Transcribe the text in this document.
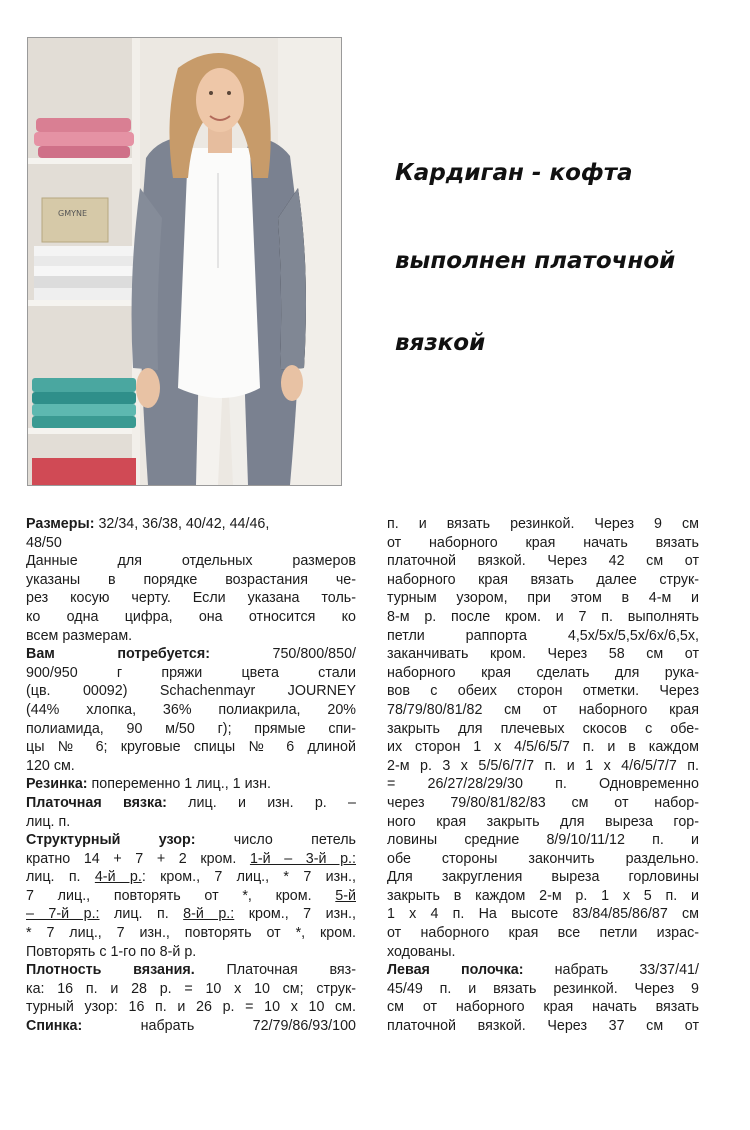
GMYNE
Кардиган - кофта
выполнен платочной
вязкой
Размеры: 32/34, 36/38, 40/42, 44/46,
48/50
Данные для отдельных размеров
указаны в порядке возрастания че-
рез косую черту. Если указана толь-
ко одна цифра, она относится ко
всем размерам.
Вам потребуется: 750/800/850/
900/950 г пряжи цвета стали
(цв. 00092) Schachenmayr JOURNEY
(44% хлопка, 36% полиакрила, 20%
полиамида, 90 м/50 г); прямые спи-
цы № 6; круговые спицы № 6 длиной
120 см.
Резинка: попеременно 1 лиц., 1 изн.
Платочная вязка: лиц. и изн. р. –
лиц. п.
Структурный узор: число петель
кратно 14 + 7 + 2 кром. 1-й – 3-й р.:
лиц. п. 4-й р.: кром., 7 лиц., * 7 изн.,
7 лиц., повторять от *, кром. 5-й
– 7-й р.: лиц. п. 8-й р.: кром., 7 изн.,
* 7 лиц., 7 изн., повторять от *, кром.
Повторять с 1-го по 8-й р.
Плотность вязания. Платочная вяз-
ка: 16 п. и 28 р. = 10 х 10 см; струк-
турный узор: 16 п. и 26 р. = 10 х 10 см.
Спинка: набрать 72/79/86/93/100
п. и вязать резинкой. Через 9 см
от наборного края начать вязать
платочной вязкой. Через 42 см от
наборного края вязать далее струк-
турным узором, при этом в 4-м и
8-м р. после кром. и 7 п. выполнять
петли раппорта 4,5х/5х/5,5х/6х/6,5х,
заканчивать кром. Через 58 см от
наборного края сделать для рука-
вов с обеих сторон отметки. Через
78/79/80/81/82 см от наборного края
закрыть для плечевых скосов с обе-
их сторон 1 х 4/5/6/5/7 п. и в каждом
2-м р. 3 х 5/5/6/7/7 п. и 1 х 4/6/5/7/7 п.
= 26/27/28/29/30 п. Одновременно
через 79/80/81/82/83 см от набор-
ного края закрыть для выреза гор-
ловины средние 8/9/10/11/12 п. и
обе стороны закончить раздельно.
Для закругления выреза горловины
закрыть в каждом 2-м р. 1 х 5 п. и
1 х 4 п. На высоте 83/84/85/86/87 см
от наборного края все петли израс-
ходованы.
Левая полочка: набрать 33/37/41/
45/49 п. и вязать резинкой. Через 9
см от наборного края начать вязать
платочной вязкой. Через 37 см от
